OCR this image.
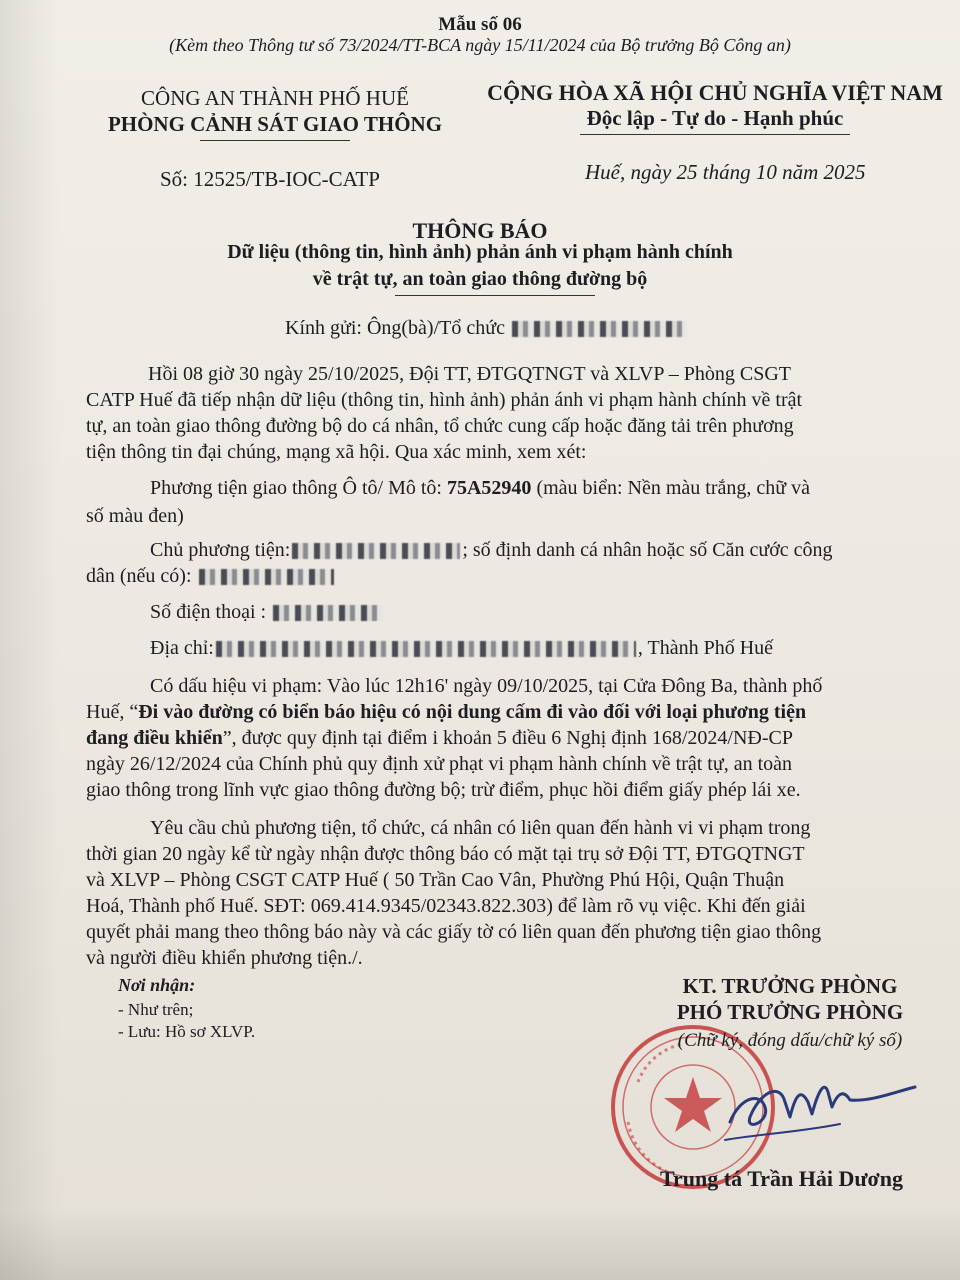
Mẫu số 06
(Kèm theo Thông tư số 73/2024/TT-BCA ngày 15/11/2024 của Bộ trưởng Bộ Công an)
CÔNG AN THÀNH PHỐ HUẾ
PHÒNG CẢNH SÁT GIAO THÔNG
CỘNG HÒA XÃ HỘI CHỦ NGHĨA VIỆT NAM
Độc lập - Tự do - Hạnh phúc
Số: 12525/TB-IOC-CATP	Huế, ngày 25 tháng 10 năm 2025
THÔNG BÁO
Dữ liệu (thông tin, hình ảnh) phản ánh vi phạm hành chính
về trật tự, an toàn giao thông đường bộ
Kính gửi: Ông(bà)/Tổ chức
Hồi 08 giờ 30 ngày 25/10/2025, Đội TT, ĐTGQTNGT và XLVP – Phòng CSGT
CATP Huế đã tiếp nhận dữ liệu (thông tin, hình ảnh) phản ánh vi phạm hành chính về trật
tự, an toàn giao thông đường bộ do cá nhân, tổ chức cung cấp hoặc đăng tải trên phương
tiện thông tin đại chúng, mạng xã hội. Qua xác minh, xem xét:
Phương tiện giao thông Ô tô/ Mô tô: 75A52940 (màu biển: Nền màu trắng, chữ và
số màu đen)
Chủ phương tiện:	; số định danh cá nhân hoặc số Căn cước công
dân (nếu có):
Số điện thoại :
Địa chỉ:	, Thành Phố Huế
Có dấu hiệu vi phạm: Vào lúc 12h16' ngày 09/10/2025, tại Cửa Đông Ba, thành phố
Huế, “Đi vào đường có biển báo hiệu có nội dung cấm đi vào đối với loại phương tiện
đang điều khiển”, được quy định tại điểm i khoản 5 điều 6 Nghị định 168/2024/NĐ-CP
ngày 26/12/2024 của Chính phủ quy định xử phạt vi phạm hành chính về trật tự, an toàn
giao thông trong lĩnh vực giao thông đường bộ; trừ điểm, phục hồi điểm giấy phép lái xe.
Yêu cầu chủ phương tiện, tổ chức, cá nhân có liên quan đến hành vi vi phạm trong
thời gian 20 ngày kể từ ngày nhận được thông báo có mặt tại trụ sở Đội TT, ĐTGQTNGT
và XLVP – Phòng CSGT CATP Huế ( 50 Trần Cao Vân, Phường Phú Hội, Quận Thuận
Hoá, Thành phố Huế. SĐT: 069.414.9345/02343.822.303) để làm rõ vụ việc. Khi đến giải
quyết phải mang theo thông báo này và các giấy tờ có liên quan đến phương tiện giao thông
và người điều khiển phương tiện./.
Nơi nhận:
- Như trên;
- Lưu: Hồ sơ XLVP.
KT. TRƯỞNG PHÒNG
PHÓ TRƯỞNG PHÒNG
(Chữ ký, đóng dấu/chữ ký số)
Trung tá Trần Hải Dương
